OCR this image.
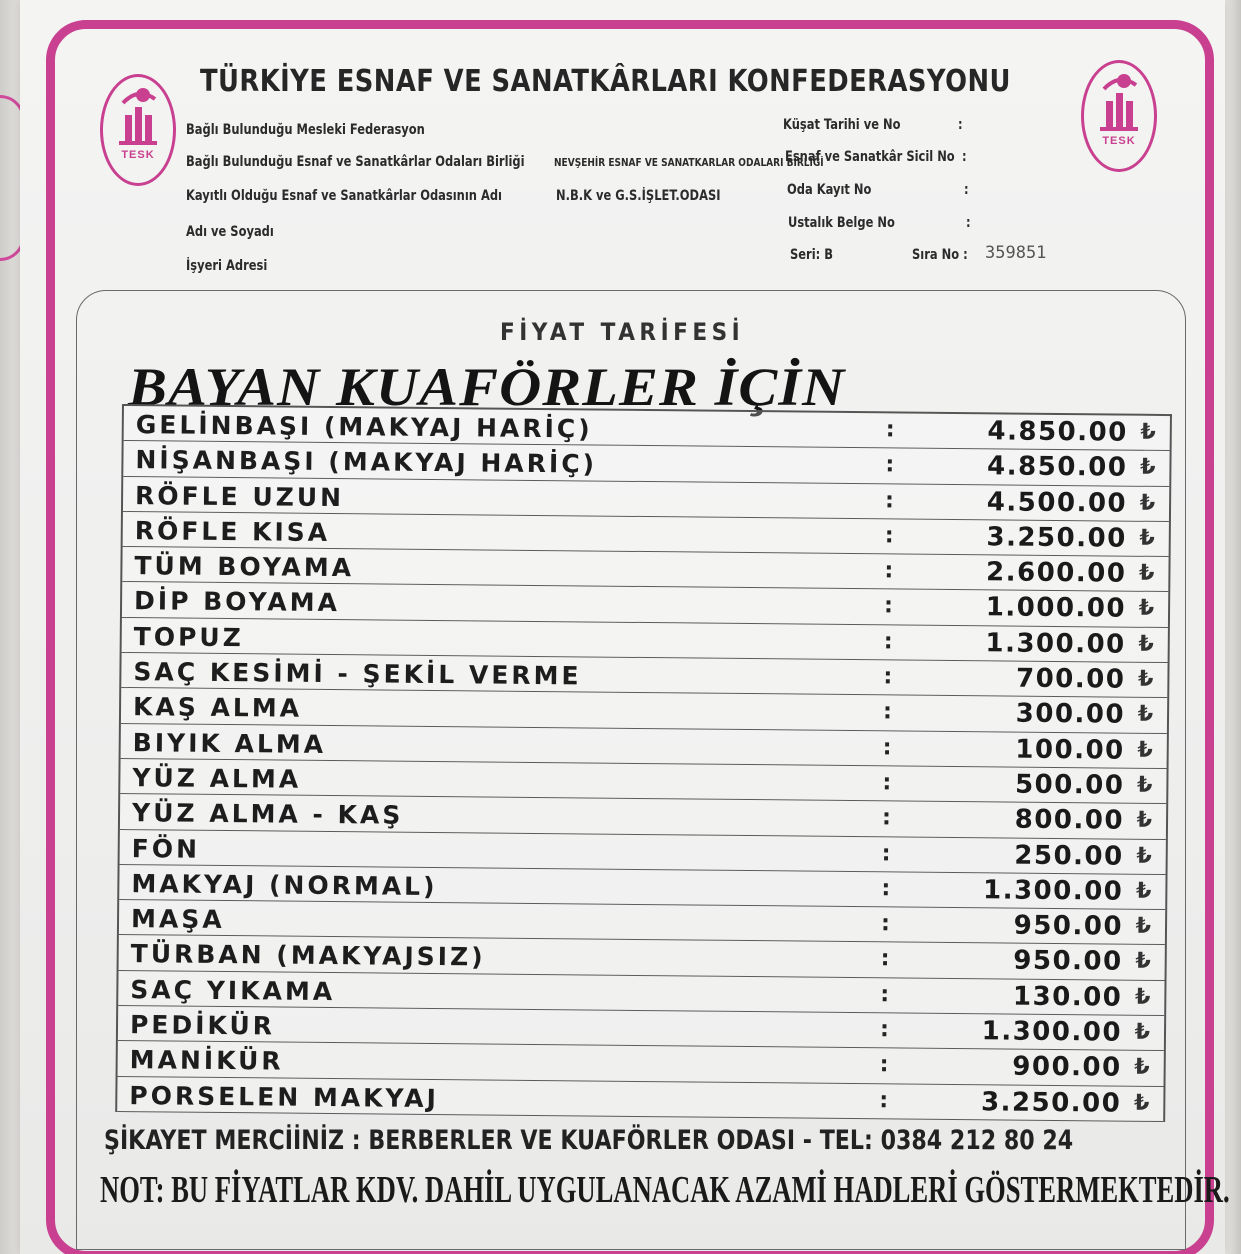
TESK
TESK
TÜRKİYE ESNAF VE SANATKÂRLARI KONFEDERASYONU
Bağlı Bulunduğu Mesleki Federasyon
Bağlı Bulunduğu Esnaf ve Sanatkârlar Odaları Birliği	NEVŞEHİR ESNAF VE SANATKARLAR ODALARI BİRLİĞİ
Kayıtlı Olduğu Esnaf ve Sanatkârlar Odasının Adı	N.B.K ve G.S.İŞLET.ODASI
Adı ve Soyadı
İşyeri Adresi
Küşat Tarihi ve No	:
Esnaf ve Sanatkâr Sicil No :
Oda Kayıt No	:
Ustalık Belge No	:
Seri: B	Sıra No : 359851
FİYAT TARİFESİ
BAYAN KUAFÖRLER İÇİN
GELİNBAŞI (MAKYAJ HARİÇ)	:	4.850.00 ₺
NİŞANBAŞI (MAKYAJ HARİÇ)	:	4.850.00 ₺
RÖFLE UZUN	:	4.500.00 ₺
RÖFLE KISA	:	3.250.00 ₺
TÜM BOYAMA	:	2.600.00 ₺
DİP BOYAMA	:	1.000.00 ₺
TOPUZ	:	1.300.00 ₺
SAÇ KESİMİ - ŞEKİL VERME	:	700.00 ₺
KAŞ ALMA	:	300.00 ₺
BIYIK ALMA	:	100.00 ₺
YÜZ ALMA	:	500.00 ₺
YÜZ ALMA - KAŞ	:	800.00 ₺
FÖN	:	250.00 ₺
MAKYAJ (NORMAL)	:	1.300.00 ₺
MAŞA	:	950.00 ₺
TÜRBAN (MAKYAJSIZ)	:	950.00 ₺
SAÇ YIKAMA	:	130.00 ₺
PEDİKÜR	:	1.300.00 ₺
MANİKÜR	:	900.00 ₺
PORSELEN MAKYAJ	:	3.250.00 ₺
ŞİKAYET MERCİİNİZ : BERBERLER VE KUAFÖRLER ODASI - TEL: 0384 212 80 24
NOT: BU FİYATLAR KDV. DAHİL UYGULANACAK AZAMİ HADLERİ GÖSTERMEKTEDİR.
